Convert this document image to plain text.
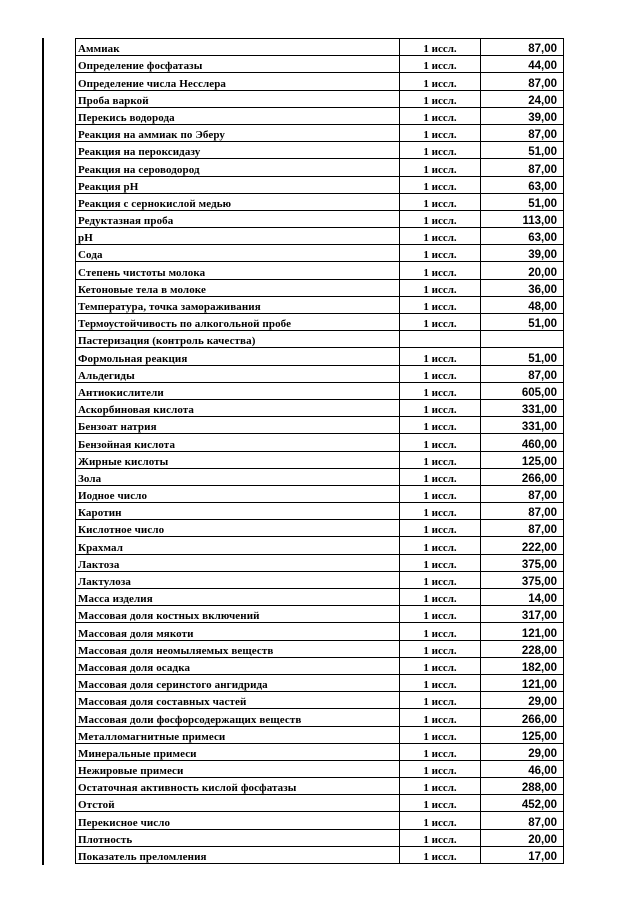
Аммиак	1 иссл.	87,00
Определение фосфатазы	1 иссл.	44,00
Определение числа Несслера	1 иссл.	87,00
Проба варкой	1 иссл.	24,00
Перекись водорода	1 иссл.	39,00
Реакция на аммиак по Эберу	1 иссл.	87,00
Реакция на пероксидазу	1 иссл.	51,00
Реакция на сероводород	1 иссл.	87,00
Реакция рН	1 иссл.	63,00
Реакция с сернокислой медью	1 иссл.	51,00
Редуктазная проба	1 иссл.	113,00
рН	1 иссл.	63,00
Сода	1 иссл.	39,00
Степень чистоты молока	1 иссл.	20,00
Кетоновые тела в молоке	1 иссл.	36,00
Температура, точка замораживания	1 иссл.	48,00
Термоустойчивость по алкогольной пробе	1 иссл.	51,00
Пастеризация (контроль качества)		
Формольная реакция	1 иссл.	51,00
Альдегиды	1 иссл.	87,00
Антиокислители	1 иссл.	605,00
Аскорбиновая кислота	1 иссл.	331,00
Бензоат натрия	1 иссл.	331,00
Бензойная кислота	1 иссл.	460,00
Жирные кислоты	1 иссл.	125,00
Зола	1 иссл.	266,00
Иодное число	1 иссл.	87,00
Каротин	1 иссл.	87,00
Кислотное число	1 иссл.	87,00
Крахмал	1 иссл.	222,00
Лактоза	1 иссл.	375,00
Лактулоза	1 иссл.	375,00
Масса изделия	1 иссл.	14,00
Массовая доля костных включений	1 иссл.	317,00
Массовая доля мякоти	1 иссл.	121,00
Массовая доля неомыляемых веществ	1 иссл.	228,00
Массовая доля осадка	1 иссл.	182,00
Массовая доля серинстого ангидрида	1 иссл.	121,00
Массовая доля составных частей	1 иссл.	29,00
Массовая доли фосфорсодержащих веществ	1 иссл.	266,00
Металломагнитные примеси	1 иссл.	125,00
Минеральные примеси	1 иссл.	29,00
Нежировые примеси	1 иссл.	46,00
Остаточная активность кислой фосфатазы	1 иссл.	288,00
Отстой	1 иссл.	452,00
Перекисное число	1 иссл.	87,00
Плотность	1 иссл.	20,00
Показатель преломления	1 иссл.	17,00
